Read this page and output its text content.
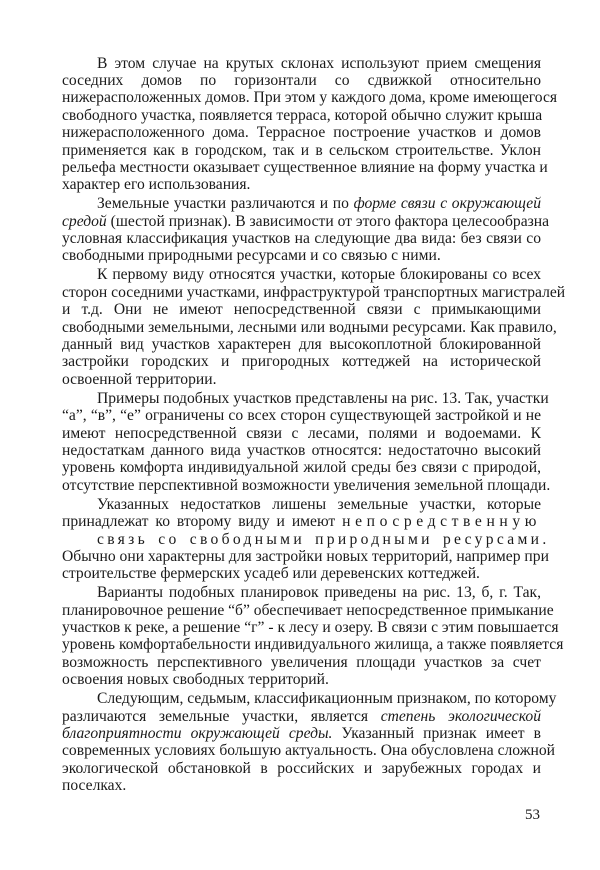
В этом случае на крутых склонах используют прием смещения
соседних домов по горизонтали со сдвижкой относительно
нижерасположенных домов. При этом у каждого дома, кроме имеющегося
свободного участка, появляется терраса, которой обычно служит крыша
нижерасположенного дома. Террасное построение участков и домов
применяется как в городском, так и в сельском строительстве. Уклон
рельефа местности оказывает существенное влияние на форму участка и
характер его использования.
Земельные участки различаются и по форме связи с окружающей
средой (шестой признак). В зависимости от этого фактора целесообразна
условная классификация участков на следующие два вида: без связи со
свободными природными ресурсами и со связью с ними.
К первому виду относятся участки, которые блокированы со всех
сторон соседними участками, инфраструктурой транспортных магистралей
и т.д. Они не имеют непосредственной связи с примыкающими
свободными земельными, лесными или водными ресурсами. Как правило,
данный вид участков характерен для высокоплотной блокированной
застройки городских и пригородных коттеджей на исторической
освоенной территории.
Примеры подобных участков представлены на рис. 13. Так, участки
“а”, “в”, “е” ограничены со всех сторон существующей застройкой и не
имеют непосредственной связи с лесами, полями и водоемами. К
недостаткам данного вида участков относятся: недостаточно высокий
уровень комфорта индивидуальной жилой среды без связи с природой,
отсутствие перспективной возможности увеличения земельной площади.
Указанных недостатков лишены земельные участки, которые
принадлежат ко второму виду и имеют непосредственную
связь со свободными природными ресурсами.
Обычно они характерны для застройки новых территорий, например при
строительстве фермерских усадеб или деревенских коттеджей.
Варианты подобных планировок приведены на рис. 13, б, г. Так,
планировочное решение “б” обеспечивает непосредственное примыкание
участков к реке, а решение “г” - к лесу и озеру. В связи с этим повышается
уровень комфортабельности индивидуального жилища, а также появляется
возможность перспективного увеличения площади участков за счет
освоения новых свободных территорий.
Следующим, седьмым, классификационным признаком, по которому
различаются земельные участки, является степень экологической
благоприятности окружающей среды. Указанный признак имеет в
современных условиях большую актуальность. Она обусловлена сложной
экологической обстановкой в российских и зарубежных городах и
поселках.
53
